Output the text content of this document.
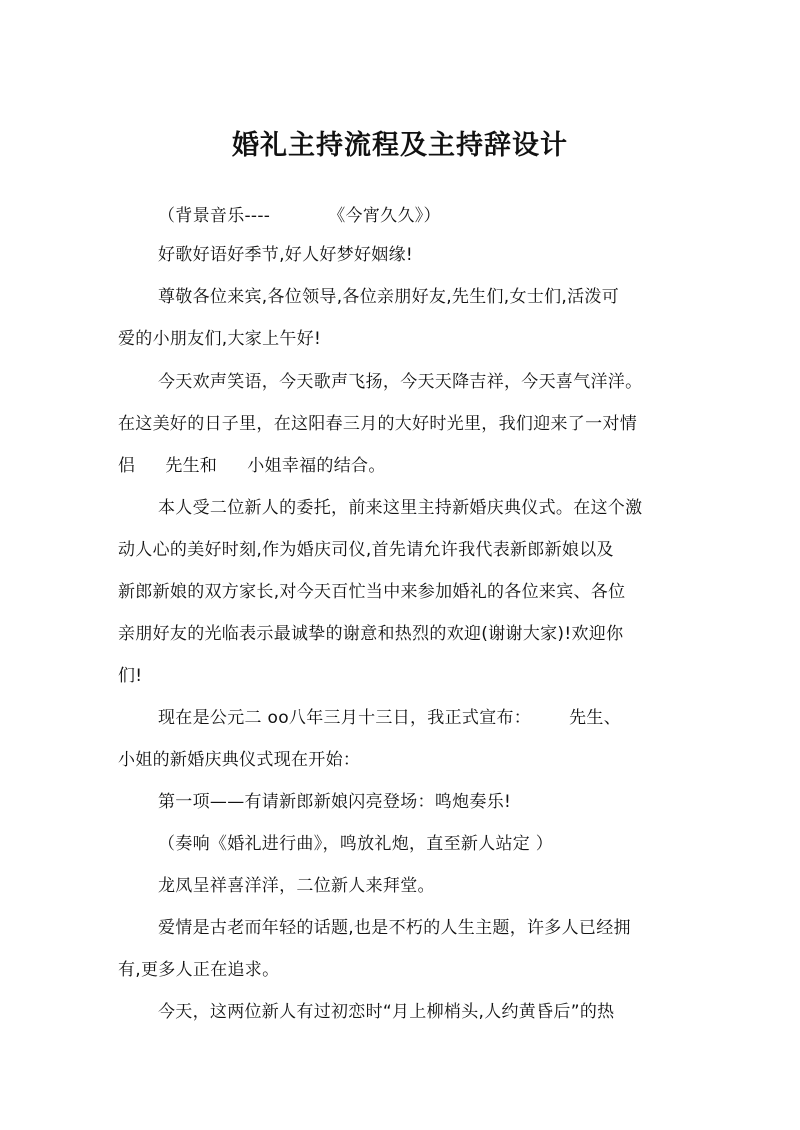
婚礼主持流程及主持辞设计
（背景音乐----	《今宵久久》）
好歌好语好季节,好人好梦好姻缘!
尊敬各位来宾,各位领导,各位亲朋好友,先生们,女士们,活泼可
爱的小朋友们,大家上午好!
今天欢声笑语，今天歌声飞扬，今天天降吉祥，今天喜气洋洋。
在这美好的日子里，在这阳春三月的大好时光里，我们迎来了一对情
侣 先生和 小姐幸福的结合。
本人受二位新人的委托，前来这里主持新婚庆典仪式。在这个激
动人心的美好时刻,作为婚庆司仪,首先请允许我代表新郎新娘以及
新郎新娘的双方家长,对今天百忙当中来参加婚礼的各位来宾、各位
亲朋好友的光临表示最诚挚的谢意和热烈的欢迎(谢谢大家)!欢迎你
们!
现在是公元二 oo八年三月十三日，我正式宣布： 先生、
小姐的新婚庆典仪式现在开始：
第一项——有请新郎新娘闪亮登场：鸣炮奏乐!
（奏响《婚礼进行曲》，鸣放礼炮，直至新人站定 ）
龙凤呈祥喜洋洋，二位新人来拜堂。
爱情是古老而年轻的话题,也是不朽的人生主题，许多人已经拥
有,更多人正在追求。
今天，这两位新人有过初恋时“月上柳梢头,人约黄昏后”的热
